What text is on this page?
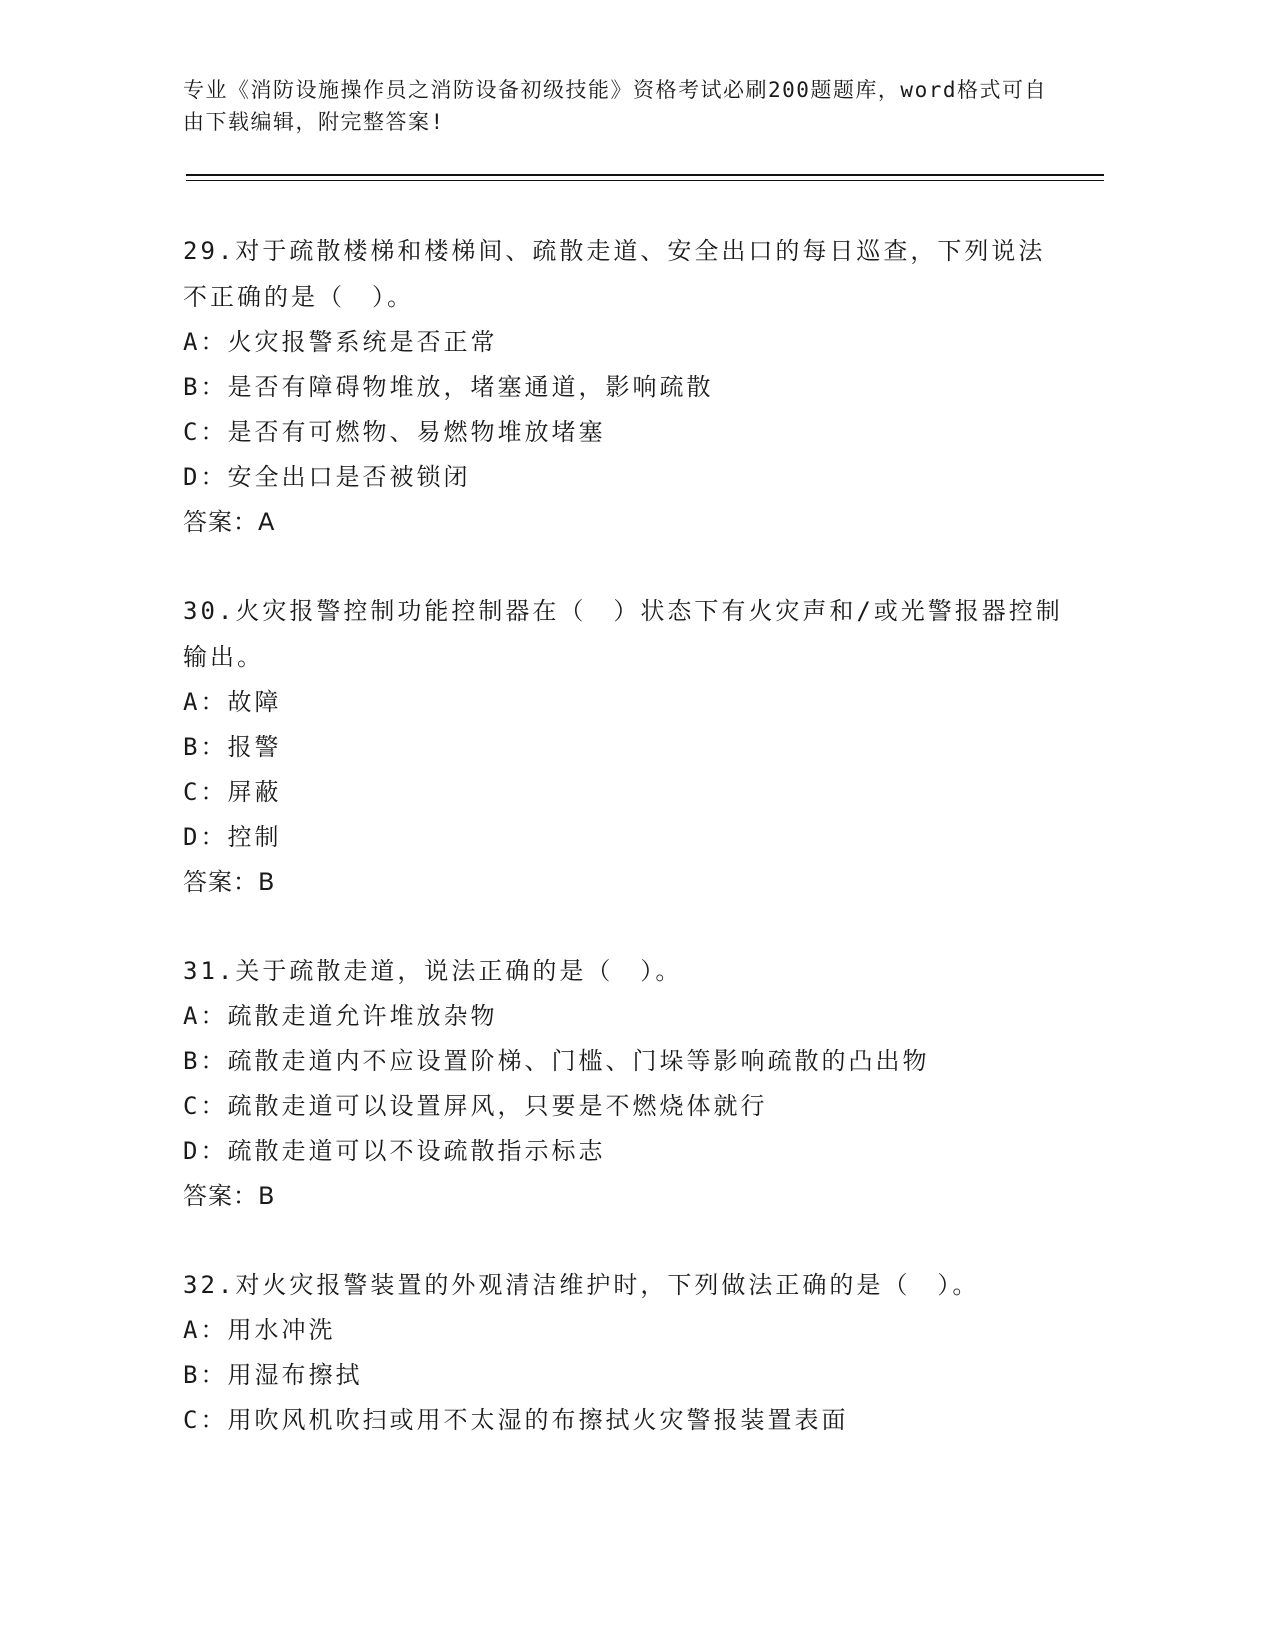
专业《消防设施操作员之消防设备初级技能》资格考试必刷200题题库，word格式可自由下载编辑，附完整答案!

29.对于疏散楼梯和楼梯间、疏散走道、安全出口的每日巡查，下列说法不正确的是（　）。

A：火灾报警系统是否正常

B：是否有障碍物堆放，堵塞通道，影响疏散

C：是否有可燃物、易燃物堆放堵塞

D：安全出口是否被锁闭

答案：A

30.火灾报警控制功能控制器在（　）状态下有火灾声和/或光警报器控制输出。

A：故障

B：报警

C：屏蔽

D：控制

答案：B

31.关于疏散走道，说法正确的是（　）。

A：疏散走道允许堆放杂物

B：疏散走道内不应设置阶梯、门槛、门垛等影响疏散的凸出物

C：疏散走道可以设置屏风，只要是不燃烧体就行

D：疏散走道可以不设疏散指示标志

答案：B

32.对火灾报警装置的外观清洁维护时，下列做法正确的是（　）。

A：用水冲洗

B：用湿布擦拭

C：用吹风机吹扫或用不太湿的布擦拭火灾警报装置表面
